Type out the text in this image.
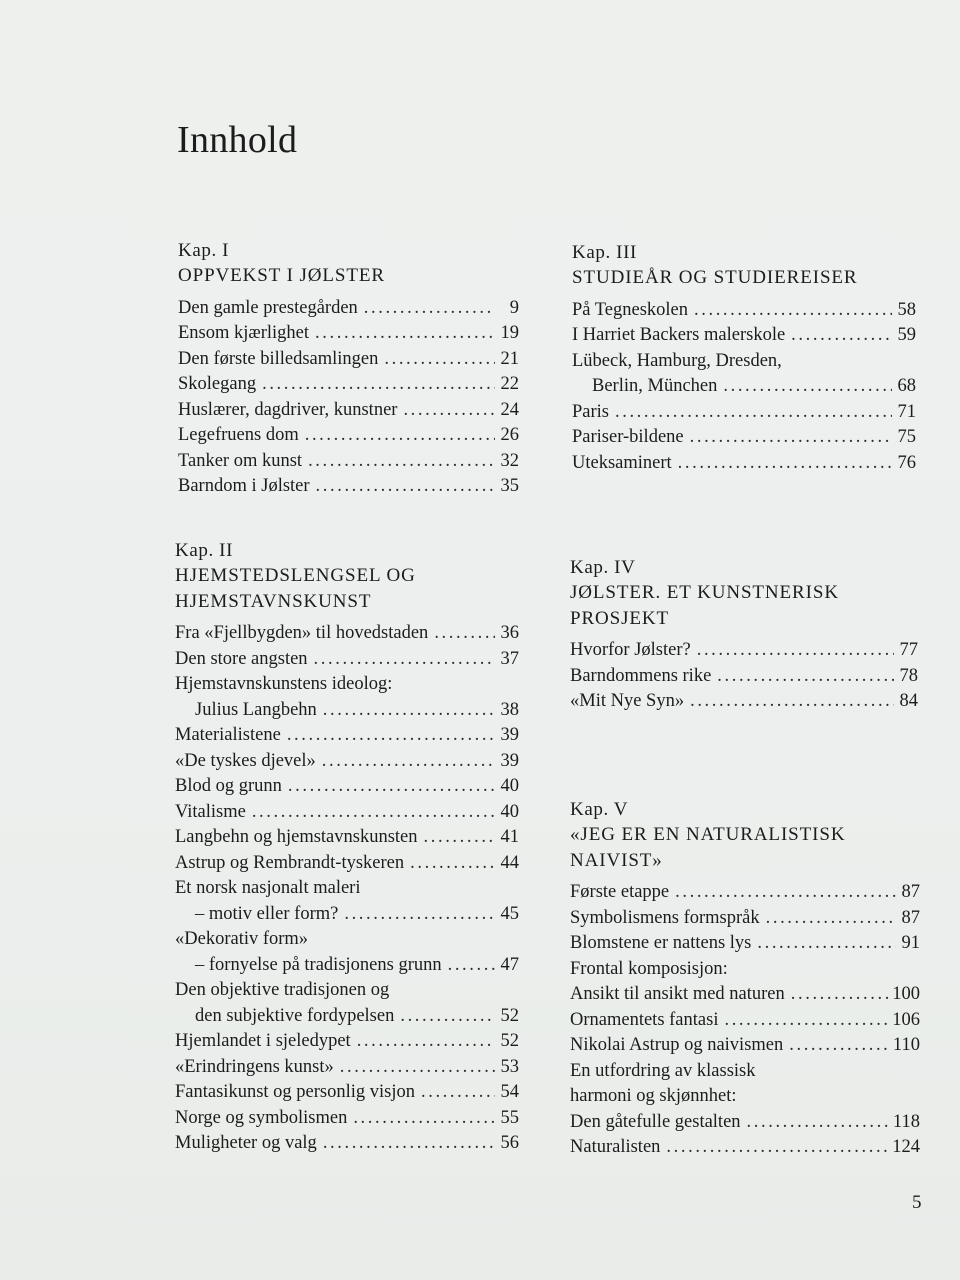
Innhold
Kap. I
OPPVEKST I JØLSTER
Den gamle prestegården .....	9
Ensom kjærlighet .....	19
Den første billedsamlingen .....	21
Skolegang .....	22
Huslærer, dagdriver, kunstner .....	24
Legefruens dom .....	26
Tanker om kunst .....	32
Barndom i Jølster .....	35
Kap. II
HJEMSTEDSLENGSEL OG
HJEMSTAVNSKUNST
Fra «Fjellbygden» til hovedstaden .....	36
Den store angsten .....	37
Hjemstavnskunstens ideolog:
Julius Langbehn .....	38
Materialistene .....	39
«De tyskes djevel» .....	39
Blod og grunn .....	40
Vitalisme .....	40
Langbehn og hjemstavnskunsten .....	41
Astrup og Rembrandt-tyskeren .....	44
Et norsk nasjonalt maleri
– motiv eller form? .....	45
«Dekorativ form»
– fornyelse på tradisjonens grunn .....	47
Den objektive tradisjonen og
den subjektive fordypelsen .....	52
Hjemlandet i sjeledypet .....	52
«Erindringens kunst» .....	53
Fantasikunst og personlig visjon .....	54
Norge og symbolismen .....	55
Muligheter og valg .....	56
Kap. III
STUDIEÅR OG STUDIEREISER
På Tegneskolen .....	58
I Harriet Backers malerskole .....	59
Lübeck, Hamburg, Dresden,
Berlin, München .....	68
Paris .....	71
Pariser-bildene .....	75
Uteksaminert .....	76
Kap. IV
JØLSTER. ET KUNSTNERISK
PROSJEKT
Hvorfor Jølster? .....	77
Barndommens rike .....	78
«Mit Nye Syn» .....	84
Kap. V
«JEG ER EN NATURALISTISK
NAIVIST»
Første etappe .....	87
Symbolismens formspråk .....	87
Blomstene er nattens lys .....	91
Frontal komposisjon:
Ansikt til ansikt med naturen .....	100
Ornamentets fantasi .....	106
Nikolai Astrup og naivismen .....	110
En utfordring av klassisk
harmoni og skjønnhet:
Den gåtefulle gestalten .....	118
Naturalisten .....	124
5
